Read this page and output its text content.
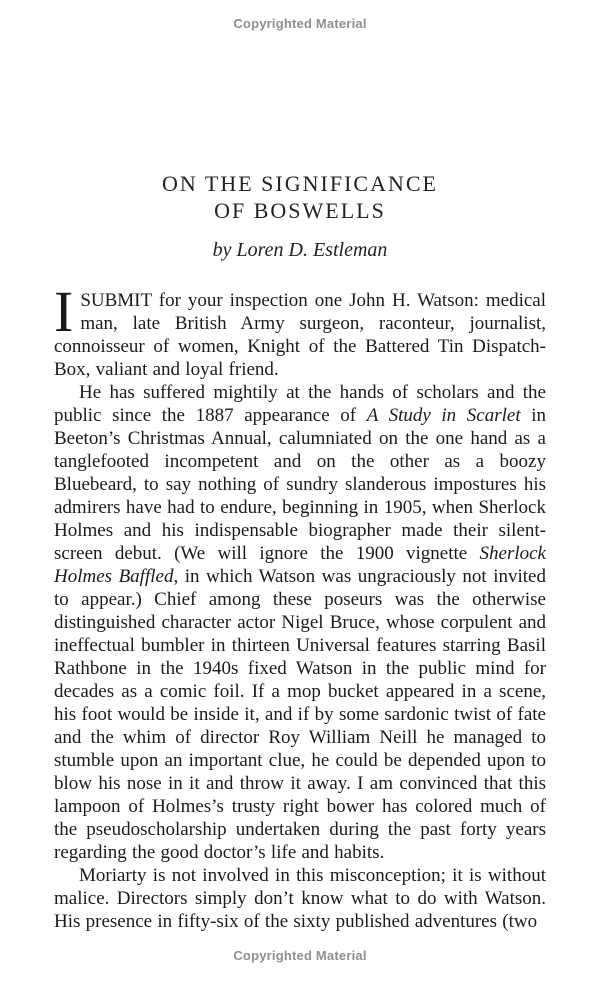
Copyrighted Material
ON THE SIGNIFICANCE
OF BOSWELLS
by Loren D. Estleman

ISUBMIT for your inspection one John H. Watson: medical man, late British Army surgeon, raconteur, journalist, connoisseur of women, Knight of the Battered Tin Dispatch-Box, valiant and loyal friend.

He has suffered mightily at the hands of scholars and the public since the 1887 appearance of A Study in Scarlet in Beeton’s Christmas Annual, calumniated on the one hand as a tanglefooted incompetent and on the other as a boozy Bluebeard, to say nothing of sundry slanderous impostures his admirers have had to endure, beginning in 1905, when Sherlock Holmes and his indispensable biographer made their silent-screen debut. (We will ignore the 1900 vignette Sherlock Holmes Baffled, in which Watson was ungraciously not invited to appear.) Chief among these poseurs was the otherwise distinguished character actor Nigel Bruce, whose corpulent and ineffectual bumbler in thirteen Universal features starring Basil Rathbone in the 1940s fixed Watson in the public mind for decades as a comic foil. If a mop bucket appeared in a scene, his foot would be inside it, and if by some sardonic twist of fate and the whim of director Roy William Neill he managed to stumble upon an important clue, he could be depended upon to blow his nose in it and throw it away. I am convinced that this lampoon of Holmes’s trusty right bower has colored much of the pseudoscholarship undertaken during the past forty years regarding the good doctor’s life and habits.

Moriarty is not involved in this misconception; it is without malice. Directors simply don’t know what to do with Watson. His presence in fifty-six of the sixty published adventures (two

Copyrighted Material
